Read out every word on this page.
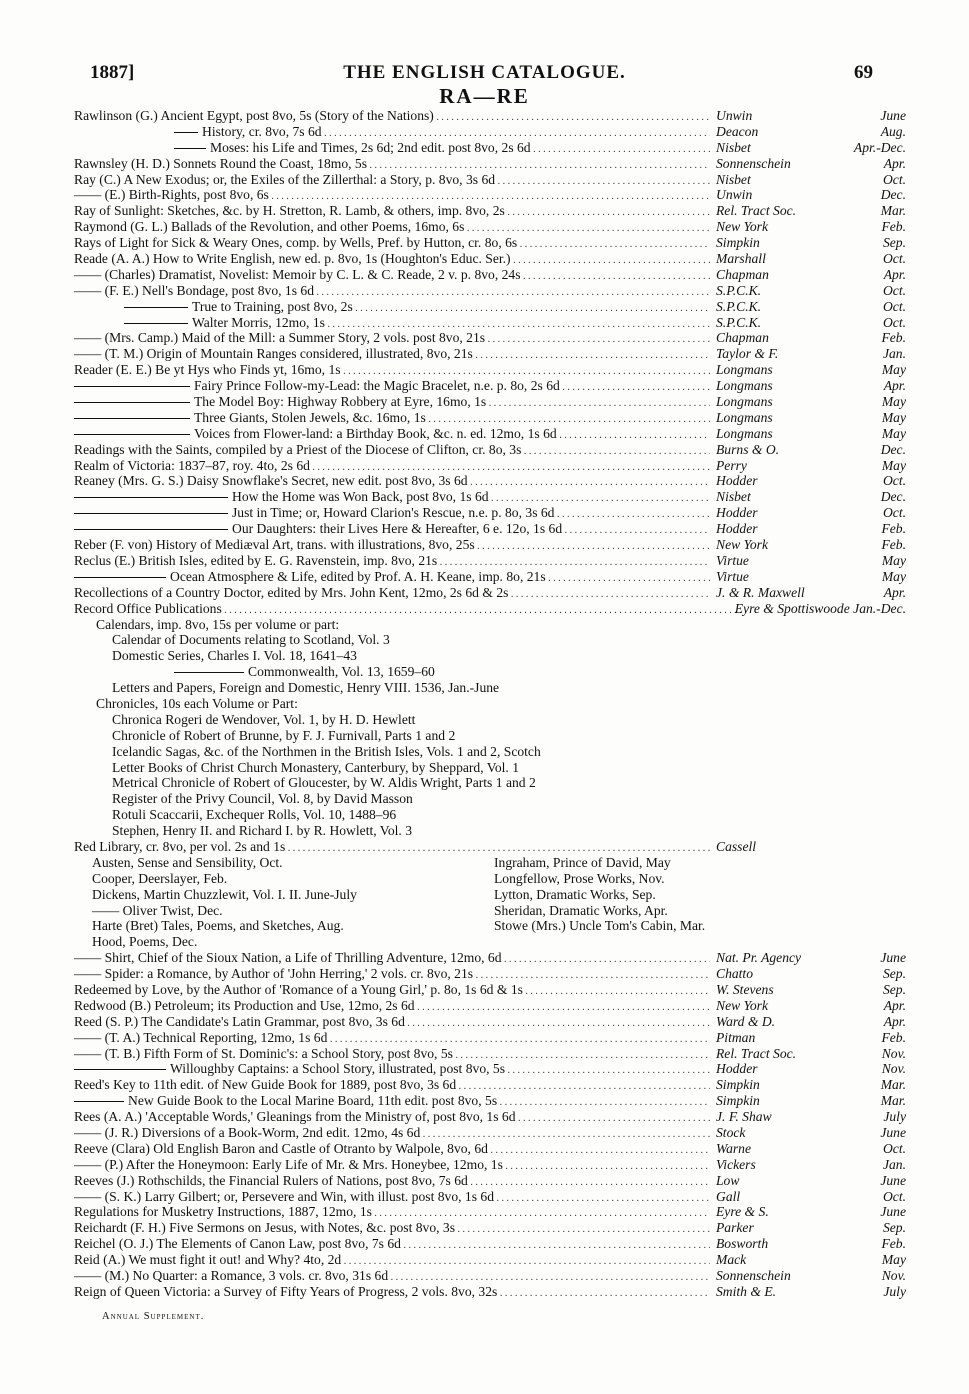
1887]	THE ENGLISH CATALOGUE.	69
RA—RE
Rawlinson (G.) Ancient Egypt, post 8vo, 5s (Story of the Nations) . . .	Unwin	June
History, cr. 8vo, 7s 6d . . .	Deacon	Aug.
Moses: his Life and Times, 2s 6d; 2nd edit. post 8vo, 2s 6d . . .	Nisbet	Apr.-Dec.
Rawnsley (H. D.) Sonnets Round the Coast, 18mo, 5s . . .	Sonnenschein	Apr.
Ray (C.) A New Exodus; or, the Exiles of the Zillerthal: a Story, p. 8vo, 3s 6d . . .	Nisbet	Oct.
—— (E.) Birth-Rights, post 8vo, 6s . . .	Unwin	Dec.
Ray of Sunlight: Sketches, &c. by H. Stretton, R. Lamb, & others, imp. 8vo, 2s . . .	Rel. Tract Soc.	Mar.
Raymond (G. L.) Ballads of the Revolution, and other Poems, 16mo, 6s . . .	New York	Feb.
Rays of Light for Sick & Weary Ones, comp. by Wells, Pref. by Hutton, cr. 8o, 6s . . .	Simpkin	Sep.
Reade (A. A.) How to Write English, new ed. p. 8vo, 1s (Houghton's Educ. Ser.) . . .	Marshall	Oct.
—— (Charles) Dramatist, Novelist: Memoir by C. L. & C. Reade, 2 v. p. 8vo, 24s . . .	Chapman	Apr.
—— (F. E.) Nell's Bondage, post 8vo, 1s 6d . . .	S.P.C.K.	Oct.
True to Training, post 8vo, 2s . . .	S.P.C.K.	Oct.
Walter Morris, 12mo, 1s . . .	S.P.C.K.	Oct.
—— (Mrs. Camp.) Maid of the Mill: a Summer Story, 2 vols. post 8vo, 21s . . .	Chapman	Feb.
—— (T. M.) Origin of Mountain Ranges considered, illustrated, 8vo, 21s . . .	Taylor & F.	Jan.
Reader (E. E.) Be yt Hys who Finds yt, 16mo, 1s . . .	Longmans	May
Fairy Prince Follow-my-Lead: the Magic Bracelet, n.e. p. 8o, 2s 6d . . .	Longmans	Apr.
The Model Boy: Highway Robbery at Eyre, 16mo, 1s . . .	Longmans	May
Three Giants, Stolen Jewels, &c. 16mo, 1s . . .	Longmans	May
Voices from Flower-land: a Birthday Book, &c. n. ed. 12mo, 1s 6d . . .	Longmans	May
Readings with the Saints, compiled by a Priest of the Diocese of Clifton, cr. 8o, 3s . . .	Burns & O.	Dec.
Realm of Victoria: 1837–87, roy. 4to, 2s 6d . . .	Perry	May
Reaney (Mrs. G. S.) Daisy Snowflake's Secret, new edit. post 8vo, 3s 6d . . .	Hodder	Oct.
How the Home was Won Back, post 8vo, 1s 6d . . .	Nisbet	Dec.
Just in Time; or, Howard Clarion's Rescue, n.e. p. 8o, 3s 6d . . .	Hodder	Oct.
Our Daughters: their Lives Here & Hereafter, 6 e. 12o, 1s 6d . . .	Hodder	Feb.
Reber (F. von) History of Mediæval Art, trans. with illustrations, 8vo, 25s . . .	New York	Feb.
Reclus (E.) British Isles, edited by E. G. Ravenstein, imp. 8vo, 21s . . .	Virtue	May
Ocean Atmosphere & Life, edited by Prof. A. H. Keane, imp. 8o, 21s . . .	Virtue	May
Recollections of a Country Doctor, edited by Mrs. John Kent, 12mo, 2s 6d & 2s . . .	J. & R. Maxwell	Apr.
Record Office Publications . . .	Eyre & Spottiswoode Jan.-Dec.
Calendars, imp. 8vo, 15s per volume or part:
Calendar of Documents relating to Scotland, Vol. 3
Domestic Series, Charles I. Vol. 18, 1641–43
Commonwealth, Vol. 13, 1659–60
Letters and Papers, Foreign and Domestic, Henry VIII. 1536, Jan.-June
Chronicles, 10s each Volume or Part:
Chronica Rogeri de Wendover, Vol. 1, by H. D. Hewlett
Chronicle of Robert of Brunne, by F. J. Furnivall, Parts 1 and 2
Icelandic Sagas, &c. of the Northmen in the British Isles, Vols. 1 and 2, Scotch
Letter Books of Christ Church Monastery, Canterbury, by Sheppard, Vol. 1
Metrical Chronicle of Robert of Gloucester, by W. Aldis Wright, Parts 1 and 2
Register of the Privy Council, Vol. 8, by David Masson
Rotuli Scaccarii, Exchequer Rolls, Vol. 10, 1488–96
Stephen, Henry II. and Richard I. by R. Howlett, Vol. 3
Red Library, cr. 8vo, per vol. 2s and 1s . . .	Cassell
Austen, Sense and Sensibility, Oct.	Ingraham, Prince of David, May
Cooper, Deerslayer, Feb.	Longfellow, Prose Works, Nov.
Dickens, Martin Chuzzlewit, Vol. I. II. June-July	Lytton, Dramatic Works, Sep.
—— Oliver Twist, Dec.	Sheridan, Dramatic Works, Apr.
Harte (Bret) Tales, Poems, and Sketches, Aug.	Stowe (Mrs.) Uncle Tom's Cabin, Mar.
Hood, Poems, Dec.
—— Shirt, Chief of the Sioux Nation, a Life of Thrilling Adventure, 12mo, 6d . . .	Nat. Pr. Agency	June
—— Spider: a Romance, by Author of 'John Herring,' 2 vols. cr. 8vo, 21s . . .	Chatto	Sep.
Redeemed by Love, by the Author of 'Romance of a Young Girl,' p. 8o, 1s 6d & 1s . . .	W. Stevens	Sep.
Redwood (B.) Petroleum; its Production and Use, 12mo, 2s 6d . . .	New York	Apr.
Reed (S. P.) The Candidate's Latin Grammar, post 8vo, 3s 6d . . .	Ward & D.	Apr.
—— (T. A.) Technical Reporting, 12mo, 1s 6d . . .	Pitman	Feb.
—— (T. B.) Fifth Form of St. Dominic's: a School Story, post 8vo, 5s . . .	Rel. Tract Soc.	Nov.
Willoughby Captains: a School Story, illustrated, post 8vo, 5s . . .	Hodder	Nov.
Reed's Key to 11th edit. of New Guide Book for 1889, post 8vo, 3s 6d . . .	Simpkin	Mar.
New Guide Book to the Local Marine Board, 11th edit. post 8vo, 5s . . .	Simpkin	Mar.
Rees (A. A.) 'Acceptable Words,' Gleanings from the Ministry of, post 8vo, 1s 6d . . .	J. F. Shaw	July
—— (J. R.) Diversions of a Book-Worm, 2nd edit. 12mo, 4s 6d . . .	Stock	June
Reeve (Clara) Old English Baron and Castle of Otranto by Walpole, 8vo, 6d . . .	Warne	Oct.
—— (P.) After the Honeymoon: Early Life of Mr. & Mrs. Honeybee, 12mo, 1s . . .	Vickers	Jan.
Reeves (J.) Rothschilds, the Financial Rulers of Nations, post 8vo, 7s 6d . . .	Low	June
—— (S. K.) Larry Gilbert; or, Persevere and Win, with illust. post 8vo, 1s 6d . . .	Gall	Oct.
Regulations for Musketry Instructions, 1887, 12mo, 1s . . .	Eyre & S.	June
Reichardt (F. H.) Five Sermons on Jesus, with Notes, &c. post 8vo, 3s . . .	Parker	Sep.
Reichel (O. J.) The Elements of Canon Law, post 8vo, 7s 6d . . .	Bosworth	Feb.
Reid (A.) We must fight it out! and Why? 4to, 2d . . .	Mack	May
—— (M.) No Quarter: a Romance, 3 vols. cr. 8vo, 31s 6d . . .	Sonnenschein	Nov.
Reign of Queen Victoria: a Survey of Fifty Years of Progress, 2 vols. 8vo, 32s . . .	Smith & E.	July
Annual Supplement.
